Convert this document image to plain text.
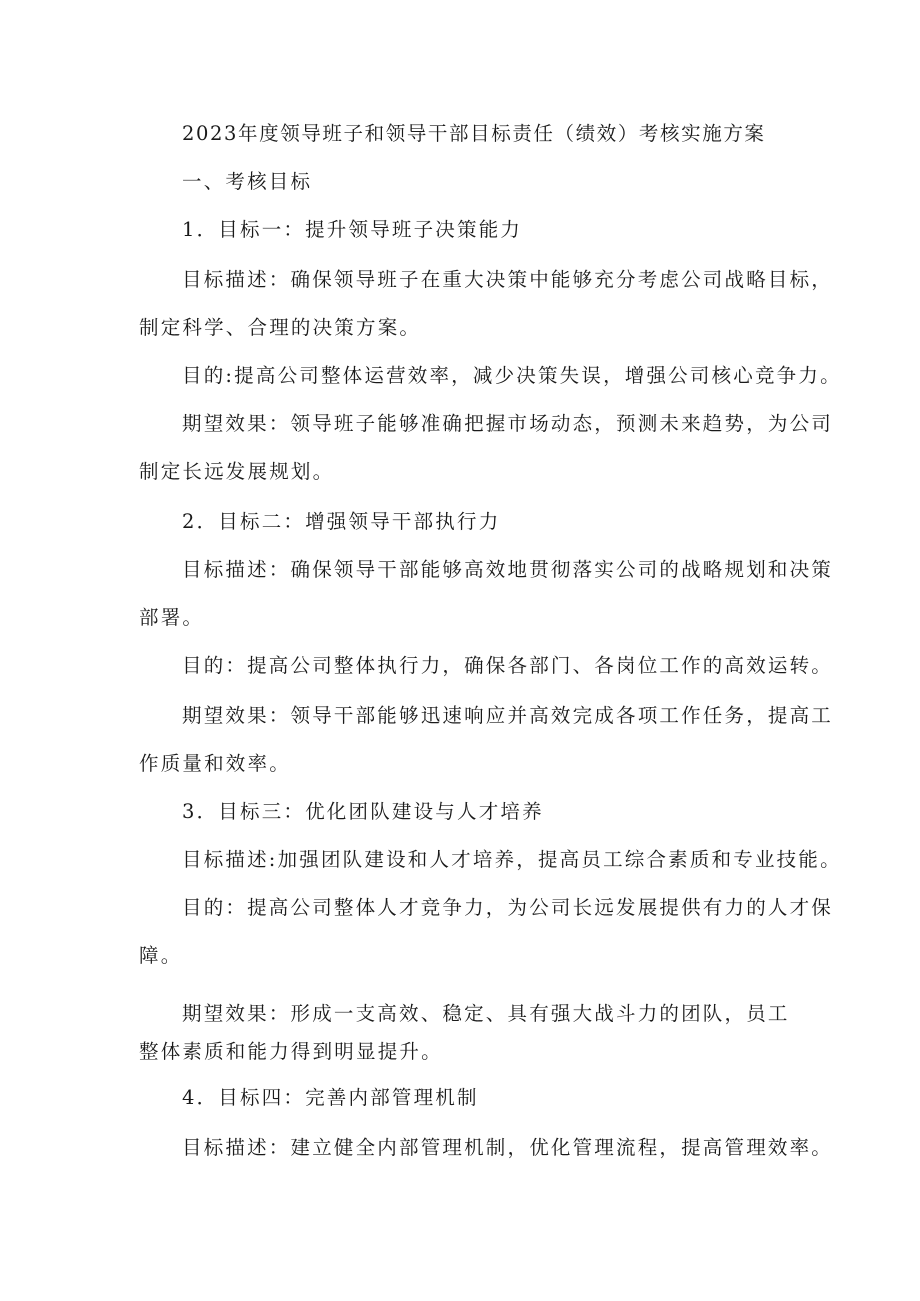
2023年度领导班子和领导干部目标责任（绩效）考核实施方案
一、考核目标
1．目标一：提升领导班子决策能力
目标描述：确保领导班子在重大决策中能够充分考虑公司战略目标，
制定科学、合理的决策方案。
目的:提高公司整体运营效率，减少决策失误，增强公司核心竞争力。
期望效果：领导班子能够准确把握市场动态，预测未来趋势，为公司
制定长远发展规划。
2．目标二：增强领导干部执行力
目标描述：确保领导干部能够高效地贯彻落实公司的战略规划和决策
部署。
目的：提高公司整体执行力，确保各部门、各岗位工作的高效运转。
期望效果：领导干部能够迅速响应并高效完成各项工作任务，提高工
作质量和效率。
3．目标三：优化团队建设与人才培养
目标描述:加强团队建设和人才培养，提高员工综合素质和专业技能。
目的：提高公司整体人才竞争力，为公司长远发展提供有力的人才保
障。
期望效果：形成一支高效、稳定、具有强大战斗力的团队，员工
整体素质和能力得到明显提升。
4．目标四：完善内部管理机制
目标描述：建立健全内部管理机制，优化管理流程，提高管理效率。
